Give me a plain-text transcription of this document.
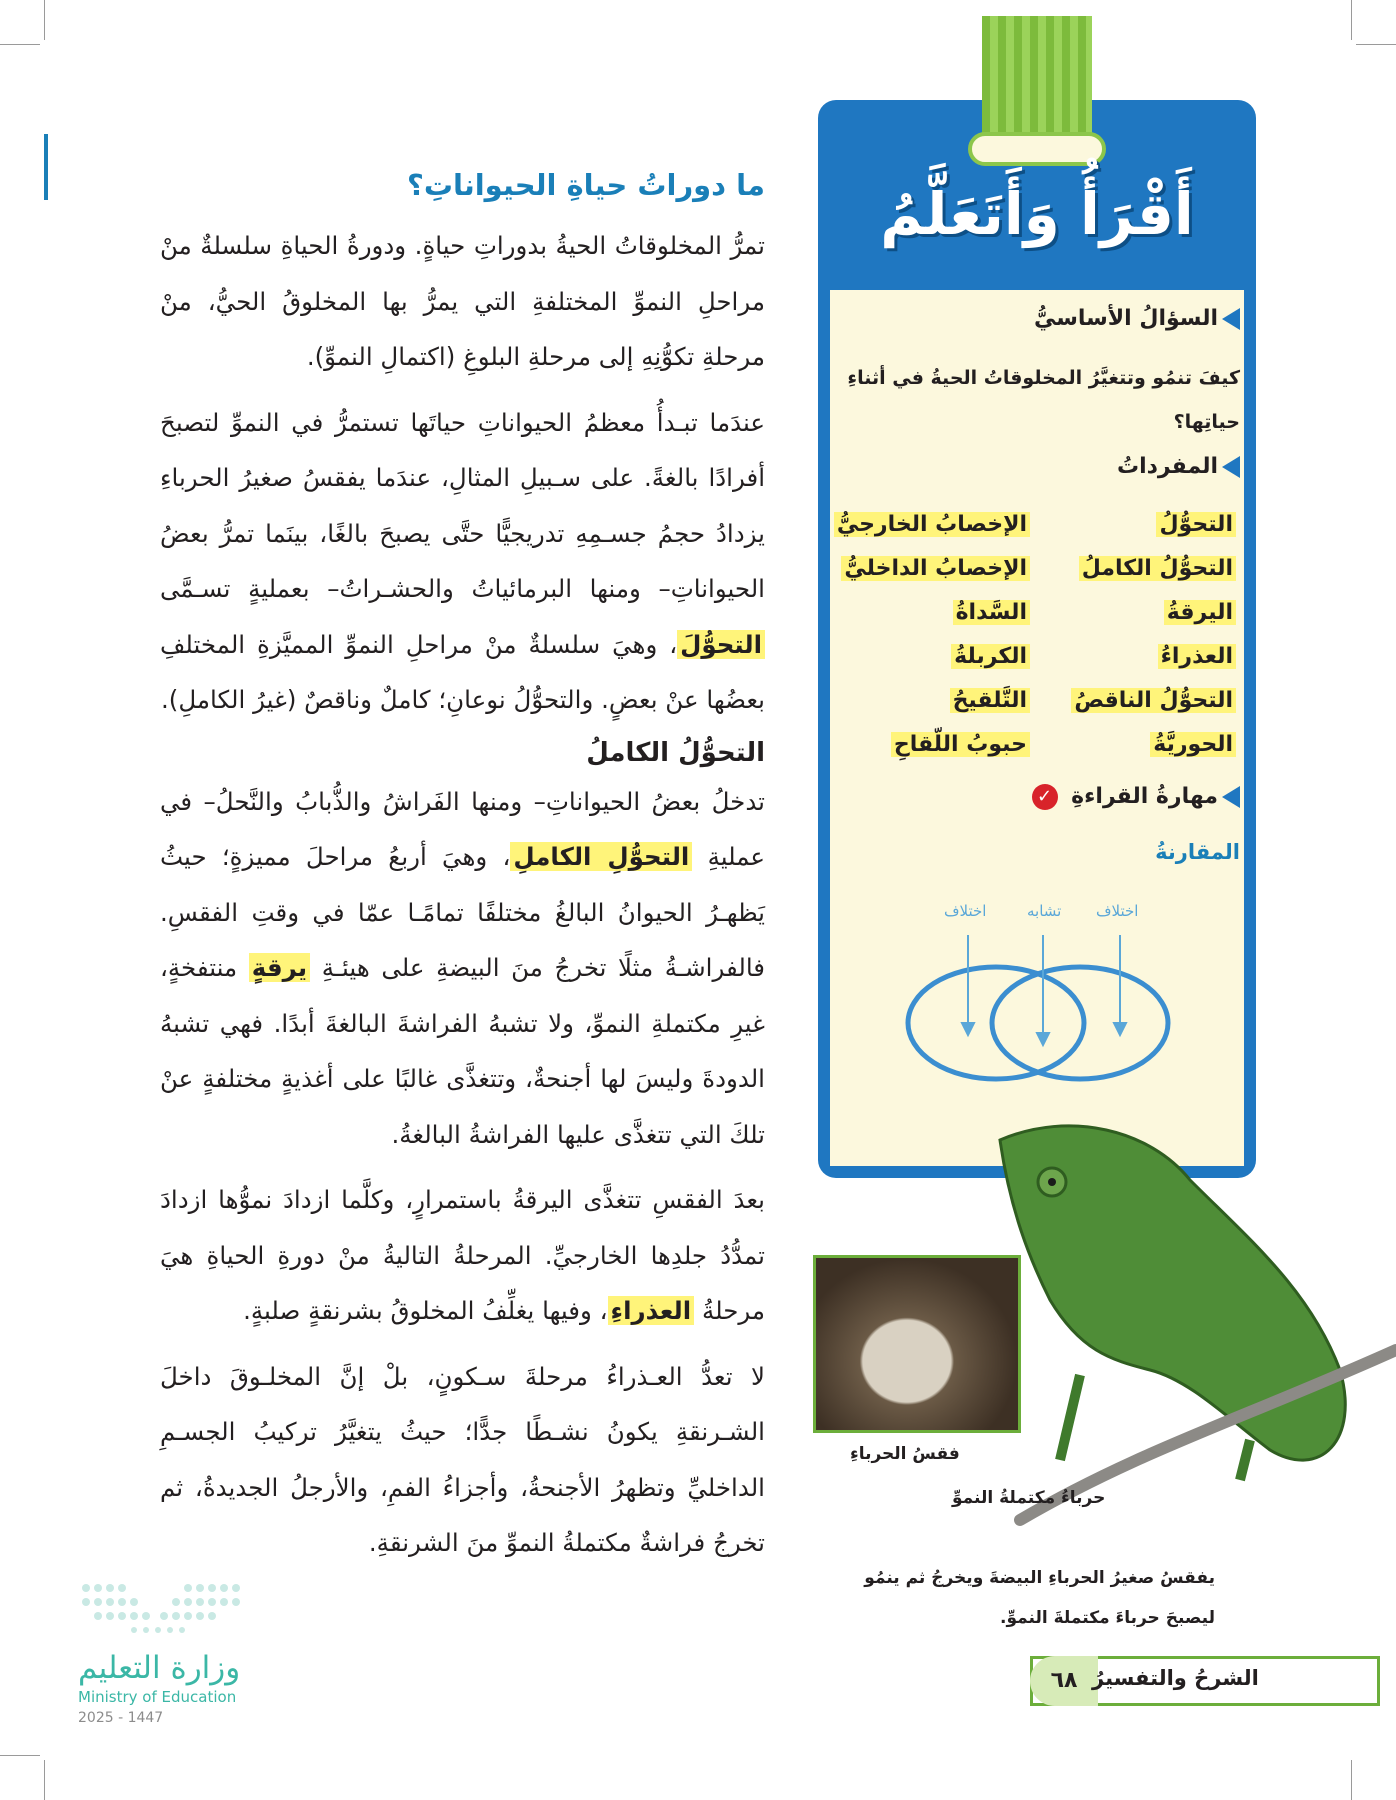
ما دوراتُ حياةِ الحيواناتِ؟

تمرُّ المخلوقاتُ الحيةُ بدوراتِ حياةٍ. ودورةُ الحياةِ سلسلةٌ منْ مراحلِ النموِّ المختلفةِ التي يمرُّ بها المخلوقُ الحيُّ، منْ مرحلةِ تكوُّنِهِ إلى مرحلةِ البلوغِ (اكتمالِ النموِّ).

عندَما تبـدأُ معظمُ الحيواناتِ حياتَها تستمرُّ في النموِّ لتصبحَ أفرادًا بالغةً. على سـبيلِ المثالِ، عندَما يفقسُ صغيرُ الحرباءِ يزدادُ حجمُ جسـمِهِ تدريجيًّا حتَّى يصبحَ بالغًا، بينَما تمرُّ بعضُ الحيواناتِ– ومنها البرمائياتُ والحشـراتُ– بعمليةٍ تسـمَّى التحوُّلَ، وهيَ سلسلةٌ منْ مراحلِ النموِّ المميَّزةِ المختلفِ بعضُها عنْ بعضٍ. والتحوُّلُ نوعانِ؛ كاملٌ وناقصٌ (غيرُ الكاملِ).

التحوُّلُ الكاملُ

تدخلُ بعضُ الحيواناتِ– ومنها الفَراشُ والذُّبابُ والنَّحلُ– في عمليةِ التحوُّلِ الكاملِ، وهيَ أربعُ مراحلَ مميزةٍ؛ حيثُ يَظهـرُ الحيوانُ البالغُ مختلفًا تمامًـا عمّا في وقتِ الفقسِ. فالفراشـةُ مثلًا تخرجُ منَ البيضةِ على هيئـةِ يرقةٍ منتفخةٍ، غيرِ مكتملةِ النموِّ، ولا تشبهُ الفراشةَ البالغةَ أبدًا. فهي تشبهُ الدودةَ وليسَ لها أجنحةٌ، وتتغذَّى غالبًا على أغذيةٍ مختلفةٍ عنْ تلكَ التي تتغذَّى عليها الفراشةُ البالغةُ.

بعدَ الفقسِ تتغذَّى اليرقةُ باستمرارٍ، وكلَّما ازدادَ نموُّها ازدادَ تمدُّدُ جلدِها الخارجيِّ. المرحلةُ التاليةُ منْ دورةِ الحياةِ هيَ مرحلةُ العذراءِ، وفيها يغلِّفُ المخلوقُ بشرنقةٍ صلبةٍ.

لا تعدُّ العـذراءُ مرحلةَ سـكونٍ، بلْ إنَّ المخلـوقَ داخلَ الشـرنقةِ يكونُ نشـطًا جدًّا؛ حيثُ يتغيَّرُ تركيبُ الجسـمِ الداخليِّ وتظهرُ الأجنحةُ، وأجزاءُ الفمِ، والأرجلُ الجديدةُ، ثم تخرجُ فراشةٌ مكتملةُ النموِّ منَ الشرنقةِ.

أَقْرَأُ وَأَتَعَلَّمُ
السؤالُ الأساسيُّ
كيفَ تنمُو وتتغيَّرُ المخلوقاتُ الحيةُ في أثناءِ حياتِها؟
المفرداتُ
التحوُّلُ
التحوُّلُ الكاملُ
اليرقةُ
العذراءُ
التحوُّلُ الناقصُ
الحوريَّةُ
الإخصابُ الخارجيُّ
الإخصابُ الداخليُّ
السَّداةُ
الكربلةُ
التَّلقيحُ
حبوبُ اللّقاحِ
مهارةُ القراءةِ ✓
المقارنةُ
اختلاف
تشابه
اختلاف
فقسُ الحرباءِ
حرباءُ مكتملةُ النموِّ
يفقسُ صغيرُ الحرباءِ البيضةَ ويخرجُ ثم ينمُو ليصبحَ حرباءَ مكتملةَ النموِّ.
٦٨ الشرحُ والتفسيرُ
وزارة التعليم
Ministry of Education
2025 - 1447
